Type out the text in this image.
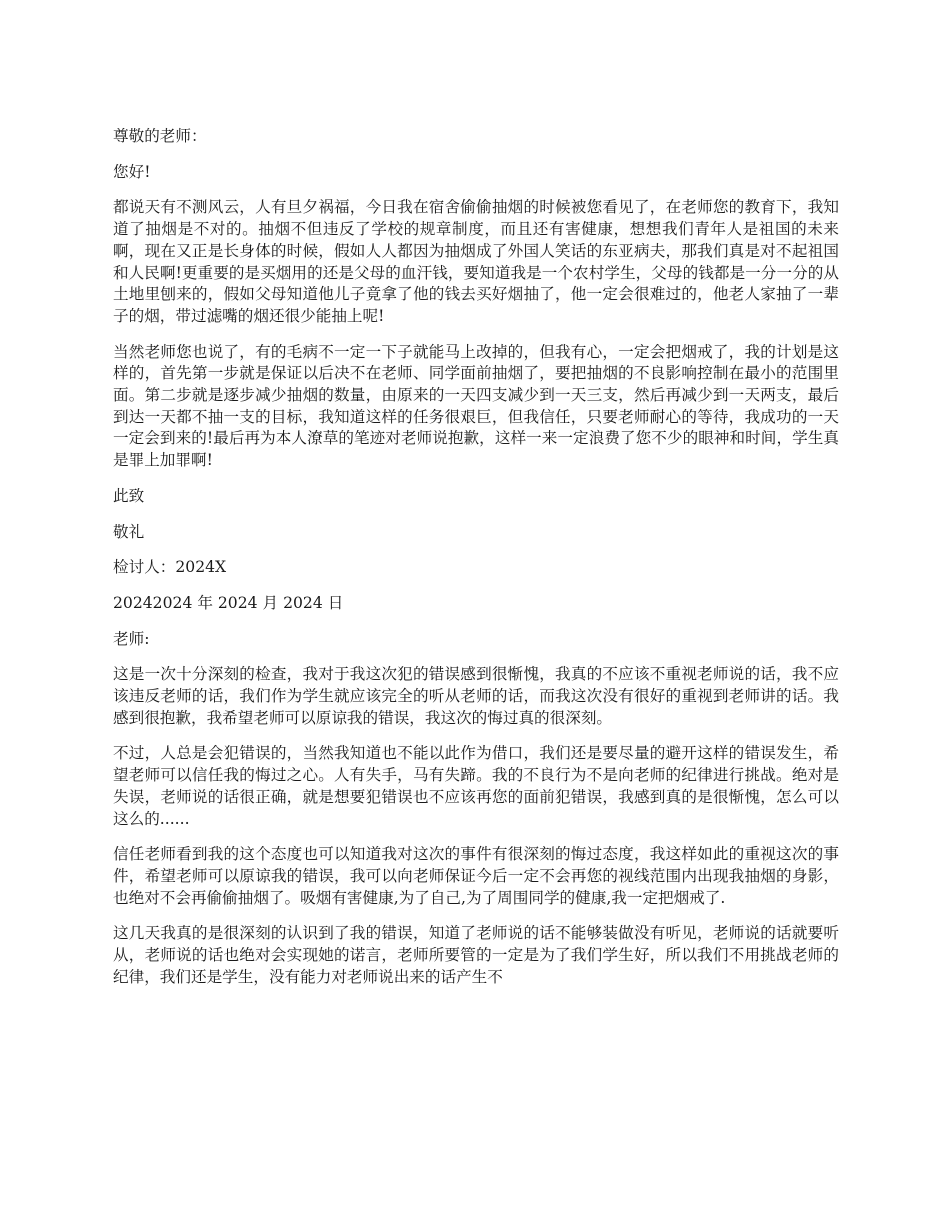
尊敬的老师：

您好!

都说天有不测风云，人有旦夕祸福，今日我在宿舍偷偷抽烟的时候被您看见了，在老师您的教育下，我知道了抽烟是不对的。抽烟不但违反了学校的规章制度，而且还有害健康，想想我们青年人是祖国的未来啊，现在又正是长身体的时候，假如人人都因为抽烟成了外国人笑话的东亚病夫，那我们真是对不起祖国和人民啊!更重要的是买烟用的还是父母的血汗钱，要知道我是一个农村学生，父母的钱都是一分一分的从土地里刨来的，假如父母知道他儿子竟拿了他的钱去买好烟抽了，他一定会很难过的，他老人家抽了一辈子的烟，带过滤嘴的烟还很少能抽上呢!

当然老师您也说了，有的毛病不一定一下子就能马上改掉的，但我有心，一定会把烟戒了，我的计划是这样的，首先第一步就是保证以后决不在老师、同学面前抽烟了，要把抽烟的不良影响控制在最小的范围里面。第二步就是逐步减少抽烟的数量，由原来的一天四支减少到一天三支，然后再减少到一天两支，最后到达一天都不抽一支的目标，我知道这样的任务很艰巨，但我信任，只要老师耐心的等待，我成功的一天一定会到来的!最后再为本人潦草的笔迹对老师说抱歉，这样一来一定浪费了您不少的眼神和时间，学生真是罪上加罪啊!

此致

敬礼

检讨人：2024X

20242024 年 2024 月 2024 日

老师:

这是一次十分深刻的检查，我对于我这次犯的错误感到很惭愧，我真的不应该不重视老师说的话，我不应该违反老师的话，我们作为学生就应该完全的听从老师的话，而我这次没有很好的重视到老师讲的话。我感到很抱歉，我希望老师可以原谅我的错误，我这次的悔过真的很深刻。

不过，人总是会犯错误的，当然我知道也不能以此作为借口，我们还是要尽量的避开这样的错误发生，希望老师可以信任我的悔过之心。人有失手，马有失蹄。我的不良行为不是向老师的纪律进行挑战。绝对是失误，老师说的话很正确，就是想要犯错误也不应该再您的面前犯错误，我感到真的是很惭愧，怎么可以这么的......

信任老师看到我的这个态度也可以知道我对这次的事件有很深刻的悔过态度，我这样如此的重视这次的事件，希望老师可以原谅我的错误，我可以向老师保证今后一定不会再您的视线范围内出现我抽烟的身影，也绝对不会再偷偷抽烟了。吸烟有害健康,为了自己,为了周围同学的健康,我一定把烟戒了.

这几天我真的是很深刻的认识到了我的错误，知道了老师说的话不能够装做没有听见，老师说的话就要听从，老师说的话也绝对会实现她的诺言，老师所要管的一定是为了我们学生好，所以我们不用挑战老师的纪律，我们还是学生，没有能力对老师说出来的话产生不
